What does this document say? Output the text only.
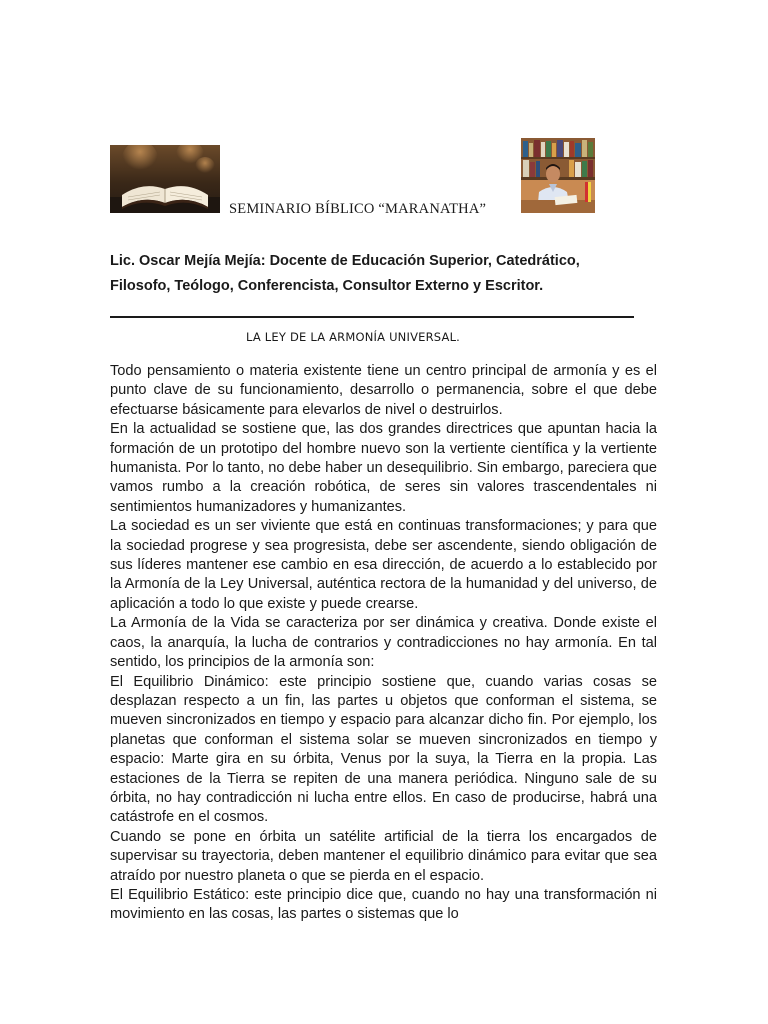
SEMINARIO BÍBLICO “MARANATHA”
Lic. Oscar Mejía Mejía: Docente de Educación Superior, Catedrático,
Filosofo, Teólogo, Conferencista, Consultor Externo y Escritor.
LA LEY DE LA ARMONÍA UNIVERSAL.

Todo pensamiento o materia existente tiene un centro principal de armonía y es el punto clave de su funcionamiento, desarrollo o permanencia, sobre el que debe efectuarse básicamente para elevarlos de nivel o destruirlos.

En la actualidad se sostiene que, las dos grandes directrices que apuntan hacia la formación de un prototipo del hombre nuevo son la vertiente científica y la vertiente humanista. Por lo tanto, no debe haber un desequilibrio. Sin embargo, pareciera que vamos rumbo a la creación robótica, de seres sin valores trascendentales ni sentimientos humanizadores y humanizantes.

La sociedad es un ser viviente que está en continuas transformaciones; y para que la sociedad progrese y sea progresista, debe ser ascendente, siendo obligación de sus líderes mantener ese cambio en esa dirección, de acuerdo a lo establecido por la Armonía de la Ley Universal, auténtica rectora de la humanidad y del universo, de aplicación a todo lo que existe y puede crearse.

La Armonía de la Vida se caracteriza por ser dinámica y creativa. Donde existe el caos, la anarquía, la lucha de contrarios y contradicciones no hay armonía. En tal sentido, los principios de la armonía son:

El Equilibrio Dinámico: este principio sostiene que, cuando varias cosas se desplazan respecto a un fin, las partes u objetos que conforman el sistema, se mueven sincronizados en tiempo y espacio para alcanzar dicho fin. Por ejemplo, los planetas que conforman el sistema solar se mueven sincronizados en tiempo y espacio: Marte gira en su órbita, Venus por la suya, la Tierra en la propia. Las estaciones de la Tierra se repiten de una manera periódica. Ninguno sale de su órbita, no hay contradicción ni lucha entre ellos. En caso de producirse, habrá una catástrofe en el cosmos.

Cuando se pone en órbita un satélite artificial de la tierra los encargados de supervisar su trayectoria, deben mantener el equilibrio dinámico para evitar que sea atraído por nuestro planeta o que se pierda en el espacio.

El Equilibrio Estático: este principio dice que, cuando no hay una transformación ni movimiento en las cosas, las partes o sistemas que lo
